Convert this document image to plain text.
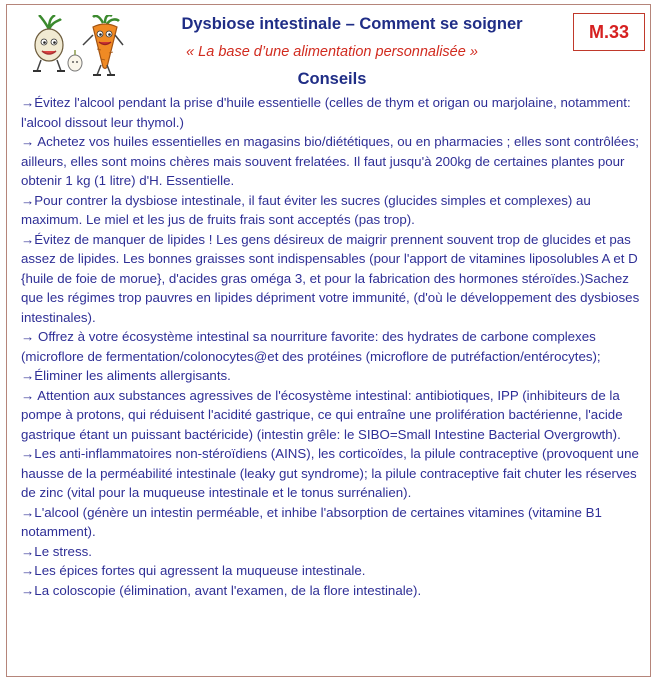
Dysbiose intestinale – Comment se soigner	M.33
« La base d’une alimentation personnalisée »
Conseils
→Évitez l'alcool pendant la prise d'huile essentielle (celles de thym et origan ou marjolaine, notamment: l'alcool dissout leur thymol.)
→ Achetez vos huiles essentielles en magasins bio/diététiques, ou en pharmacies ; elles sont contrôlées; ailleurs, elles sont moins chères mais souvent frelatées. Il faut jusqu'à 200kg de certaines plantes pour obtenir 1 kg (1 litre) d'H. Essentielle.
→Pour contrer la dysbiose intestinale, il faut éviter les sucres (glucides simples et complexes) au maximum. Le miel et les jus de fruits frais sont acceptés (pas trop).
→Évitez de manquer de lipides ! Les gens désireux de maigrir prennent souvent trop de glucides et pas assez de lipides. Les bonnes graisses sont indispensables (pour l'apport de vitamines liposolubles A et D {huile de foie de morue}, d'acides gras oméga 3, et pour la fabrication des hormones stéroïdes.)Sachez que les régimes trop pauvres en lipides dépriment votre immunité, (d'où le développement des dysbioses intestinales).
→ Offrez à votre écosystème intestinal sa nourriture favorite: des hydrates de carbone complexes (microflore de fermentation/colonocytes@et des protéines (microflore de putréfaction/entérocytes);
→Éliminer les aliments allergisants.
→ Attention aux substances agressives de l'écosystème intestinal: antibiotiques, IPP (inhibiteurs de la pompe à protons, qui réduisent l'acidité gastrique, ce qui entraîne une prolifération bactérienne, l'acide gastrique étant un puissant bactéricide) (intestin grêle: le SIBO=Small Intestine Bacterial Overgrowth).
→Les anti-inflammatoires non-stéroïdiens (AINS), les corticoïdes, la pilule contraceptive (provoquent une hausse de la perméabilité intestinale (leaky gut syndrome); la pilule contraceptive fait chuter les réserves de zinc (vital pour la muqueuse intestinale et le tonus surrénalien).
→L'alcool (génère un intestin perméable, et inhibe l'absorption de certaines vitamines (vitamine B1 notamment).
→Le stress.
→Les épices fortes qui agressent la muqueuse intestinale.
→La coloscopie (élimination, avant l'examen, de la flore intestinale).
